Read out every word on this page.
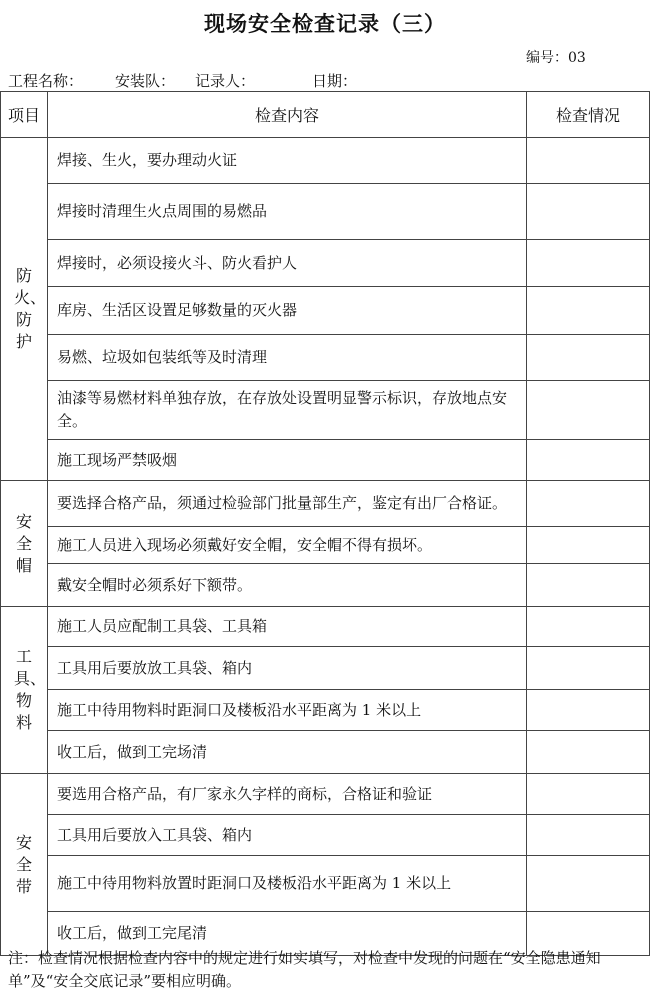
现场安全检查记录（三）
编号：03
工程名称： 安装队： 记录人：	日期：
项目	检查内容	检查情况
防火、防护	焊接、生火，要办理动火证	
	焊接时清理生火点周围的易燃品	
	焊接时，必须设接火斗、防火看护人	
	库房、生活区设置足够数量的灭火器	
	易燃、垃圾如包装纸等及时清理	
	油漆等易燃材料单独存放，在存放处设置明显警示标识，存放地点安全。	
	施工现场严禁吸烟	
安全帽	要选择合格产品，须通过检验部门批量部生产，鉴定有出厂合格证。	
	施工人员进入现场必须戴好安全帽，安全帽不得有损坏。	
	戴安全帽时必须系好下额带。	
工具、物料	施工人员应配制工具袋、工具箱	
	工具用后要放放工具袋、箱内	
	施工中待用物料时距洞口及楼板沿水平距离为 1 米以上	
	收工后，做到工完场清	
安全带	要选用合格产品，有厂家永久字样的商标，合格证和验证	
	工具用后要放入工具袋、箱内	
	施工中待用物料放置时距洞口及楼板沿水平距离为 1 米以上	
	收工后，做到工完尾清	
注：检查情况根据检查内容中的规定进行如实填写，对检查中发现的问题在“安全隐患通知单”及“安全交底记录”要相应明确。
